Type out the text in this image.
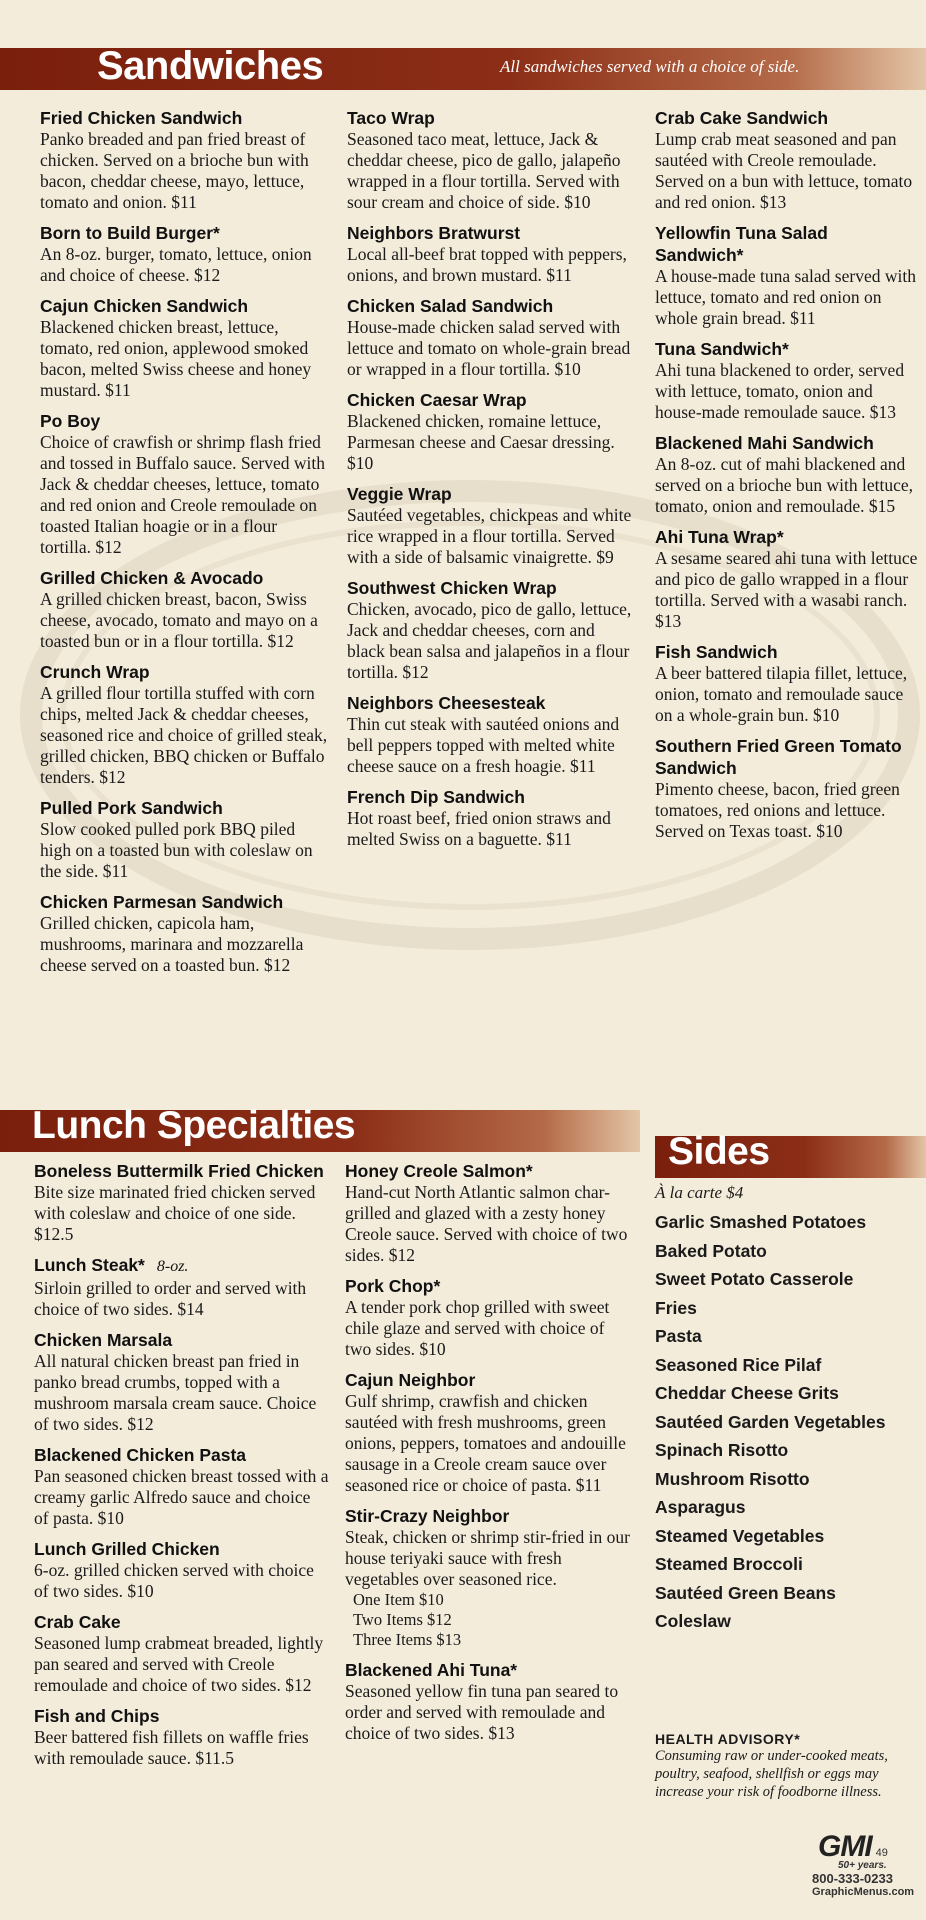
Sandwiches	All sandwiches served with a choice of side.
Fried Chicken Sandwich
Panko breaded and pan fried breast of chicken. Served on a brioche bun with bacon, cheddar cheese, mayo, lettuce, tomato and onion. $11
Born to Build Burger*
An 8-oz. burger, tomato, lettuce, onion and choice of cheese. $12
Cajun Chicken Sandwich
Blackened chicken breast, lettuce, tomato, red onion, applewood smoked bacon, melted Swiss cheese and honey mustard. $11
Po Boy
Choice of crawfish or shrimp flash fried and tossed in Buffalo sauce. Served with Jack & cheddar cheeses, lettuce, tomato and red onion and Creole remoulade on toasted Italian hoagie or in a flour tortilla. $12
Grilled Chicken & Avocado
A grilled chicken breast, bacon, Swiss cheese, avocado, tomato and mayo on a toasted bun or in a flour tortilla. $12
Crunch Wrap
A grilled flour tortilla stuffed with corn chips, melted Jack & cheddar cheeses, seasoned rice and choice of grilled steak, grilled chicken, BBQ chicken or Buffalo tenders. $12
Pulled Pork Sandwich
Slow cooked pulled pork BBQ piled high on a toasted bun with coleslaw on the side. $11
Chicken Parmesan Sandwich
Grilled chicken, capicola ham, mushrooms, marinara and mozzarella cheese served on a toasted bun. $12
Taco Wrap
Seasoned taco meat, lettuce, Jack & cheddar cheese, pico de gallo, jalapeño wrapped in a flour tortilla. Served with sour cream and choice of side. $10
Neighbors Bratwurst
Local all-beef brat topped with peppers, onions, and brown mustard. $11
Chicken Salad Sandwich
House-made chicken salad served with lettuce and tomato on whole-grain bread or wrapped in a flour tortilla. $10
Chicken Caesar Wrap
Blackened chicken, romaine lettuce, Parmesan cheese and Caesar dressing. $10
Veggie Wrap
Sautéed vegetables, chickpeas and white rice wrapped in a flour tortilla. Served with a side of balsamic vinaigrette. $9
Southwest Chicken Wrap
Chicken, avocado, pico de gallo, lettuce, Jack and cheddar cheeses, corn and black bean salsa and jalapeños in a flour tortilla. $12
Neighbors Cheesesteak
Thin cut steak with sautéed onions and bell peppers topped with melted white cheese sauce on a fresh hoagie. $11
French Dip Sandwich
Hot roast beef, fried onion straws and melted Swiss on a baguette. $11
Crab Cake Sandwich
Lump crab meat seasoned and pan sautéed with Creole remoulade. Served on a bun with lettuce, tomato and red onion. $13
Yellowfin Tuna Salad Sandwich*
A house-made tuna salad served with lettuce, tomato and red onion on whole grain bread. $11
Tuna Sandwich*
Ahi tuna blackened to order, served with lettuce, tomato, onion and house-made remoulade sauce. $13
Blackened Mahi Sandwich
An 8-oz. cut of mahi blackened and served on a brioche bun with lettuce, tomato, onion and remoulade. $15
Ahi Tuna Wrap*
A sesame seared ahi tuna with lettuce and pico de gallo wrapped in a flour tortilla. Served with a wasabi ranch. $13
Fish Sandwich
A beer battered tilapia fillet, lettuce, onion, tomato and remoulade sauce on a whole-grain bun. $10
Southern Fried Green Tomato Sandwich
Pimento cheese, bacon, fried green tomatoes, red onions and lettuce. Served on Texas toast. $10
Lunch Specialties
Boneless Buttermilk Fried Chicken
Bite size marinated fried chicken served with coleslaw and choice of one side. $12.5
Lunch Steak* 8-oz.
Sirloin grilled to order and served with choice of two sides. $14
Chicken Marsala
All natural chicken breast pan fried in panko bread crumbs, topped with a mushroom marsala cream sauce. Choice of two sides. $12
Blackened Chicken Pasta
Pan seasoned chicken breast tossed with a creamy garlic Alfredo sauce and choice of pasta. $10
Lunch Grilled Chicken
6-oz. grilled chicken served with choice of two sides. $10
Crab Cake
Seasoned lump crabmeat breaded, lightly pan seared and served with Creole remoulade and choice of two sides. $12
Fish and Chips
Beer battered fish fillets on waffle fries with remoulade sauce. $11.5
Honey Creole Salmon*
Hand-cut North Atlantic salmon char-grilled and glazed with a zesty honey Creole sauce. Served with choice of two sides. $12
Pork Chop*
A tender pork chop grilled with sweet chile glaze and served with choice of two sides. $10
Cajun Neighbor
Gulf shrimp, crawfish and chicken sautéed with fresh mushrooms, green onions, peppers, tomatoes and andouille sausage in a Creole cream sauce over seasoned rice or choice of pasta. $11
Stir-Crazy Neighbor
Steak, chicken or shrimp stir-fried in our house teriyaki sauce with fresh vegetables over seasoned rice.
One Item $10
Two Items $12
Three Items $13
Blackened Ahi Tuna*
Seasoned yellow fin tuna pan seared to order and served with remoulade and choice of two sides. $13
Sides
À la carte $4
Garlic Smashed Potatoes
Baked Potato
Sweet Potato Casserole
Fries
Pasta
Seasoned Rice Pilaf
Cheddar Cheese Grits
Sautéed Garden Vegetables
Spinach Risotto
Mushroom Risotto
Asparagus
Steamed Vegetables
Steamed Broccoli
Sautéed Green Beans
Coleslaw
HEALTH ADVISORY*
Consuming raw or under-cooked meats, poultry, seafood, shellfish or eggs may increase your risk of foodborne illness.
GMI 49
50+ years.
800-333-0233
GraphicMenus.com
